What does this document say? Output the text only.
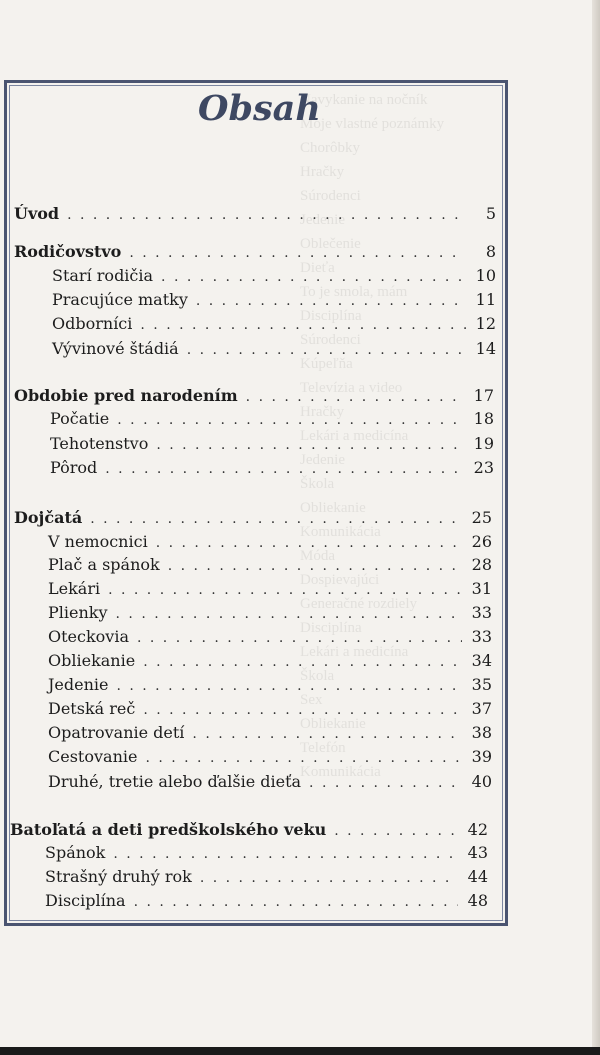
Navykanie na nočník
Moje vlastné poznámky
Chorôbky
Hračky
Súrodenci
Jedenie
Oblečenie
Dieťa
To je smola, mám
Disciplína
Súrodenci
Kúpeľňa
Televízia a video
Hračky
Lekári a medicína
Jedenie
Škola
Obliekanie
Komunikácia
Móda
Dospievajúci
Generačné rozdiely
Disciplína
Lekári a medicína
Škola
Sex
Obliekanie
Telefón
Komunikácia
Obsah
Úvod . . .	5
Rodičovstvo . . .	8
Starí rodičia . . .	10
Pracujúce matky . . .	11
Odborníci . . .	12
Vývinové štádiá . . .	14
Obdobie pred narodením . . .	17
Počatie . . .	18
Tehotenstvo . . .	19
Pôrod . . .	23
Dojčatá . . .	25
V nemocnici . . .	26
Plač a spánok . . .	28
Lekári . . .	31
Plienky . . .	33
Oteckovia . . .	33
Obliekanie . . .	34
Jedenie . . .	35
Detská reč . . .	37
Opatrovanie detí . . .	38
Cestovanie . . .	39
Druhé, tretie alebo ďalšie dieťa . . .	40
Batoľatá a deti predškolského veku . . .	42
Spánok . . .	43
Strašný druhý rok . . .	44
Disciplína . . .	48
